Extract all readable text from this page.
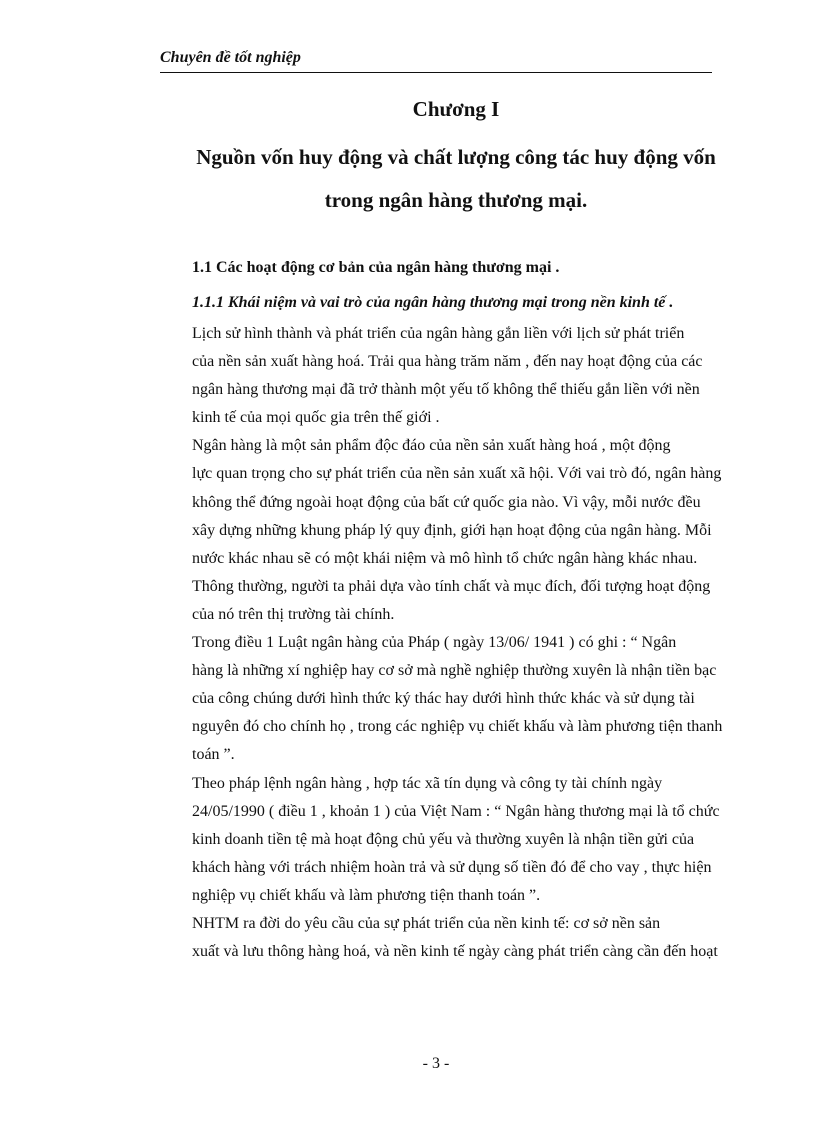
Chuyên đề tốt nghiệp
Chương I
Nguồn vốn huy động và chất lượng công tác huy động vốn
trong ngân hàng thương mại.
1.1 Các hoạt động cơ bản của ngân hàng thương mại .
1.1.1 Khái niệm và vai trò của ngân hàng thương mại trong nền kinh tế .

Lịch sử hình thành và phát triển của ngân hàng gắn liền với lịch sử phát triển
của nền sản xuất hàng hoá. Trải qua hàng trăm năm , đến nay hoạt động của các
ngân hàng thương mại đã trở thành một yếu tố không thể thiếu gắn liền với nền
kinh tế của mọi quốc gia trên thế giới .

Ngân hàng là một sản phẩm độc đáo của nền sản xuất hàng hoá , một động
lực quan trọng cho sự phát triển của nền sản xuất xã hội. Với vai trò đó, ngân hàng
không thể đứng ngoài hoạt động của bất cứ quốc gia nào. Vì vậy, mỗi nước đều
xây dựng những khung pháp lý quy định, giới hạn hoạt động của ngân hàng. Mỗi
nước khác nhau sẽ có một khái niệm và mô hình tổ chức ngân hàng khác nhau.
Thông thường, người ta phải dựa vào tính chất và mục đích, đối tượng hoạt động
của nó trên thị trường tài chính.

Trong điều 1 Luật ngân hàng của Pháp ( ngày 13/06/ 1941 ) có ghi : “ Ngân
hàng là những xí nghiệp hay cơ sở mà nghề nghiệp thường xuyên là nhận tiền bạc
của công chúng dưới hình thức ký thác hay dưới hình thức khác và sử dụng tài
nguyên đó cho chính họ , trong các nghiệp vụ chiết khấu và làm phương tiện thanh
toán ”.

Theo pháp lệnh ngân hàng , hợp tác xã tín dụng và công ty tài chính ngày
24/05/1990 ( điều 1 , khoản 1 ) của Việt Nam : “ Ngân hàng thương mại là tổ chức
kinh doanh tiền tệ mà hoạt động chủ yếu và thường xuyên là nhận tiền gửi của
khách hàng với trách nhiệm hoàn trả và sử dụng số tiền đó để cho vay , thực hiện
nghiệp vụ chiết khấu và làm phương tiện thanh toán ”.

NHTM ra đời do yêu cầu của sự phát triển của nền kinh tế: cơ sở nền sản
xuất và lưu thông hàng hoá, và nền kinh tế ngày càng phát triển càng cần đến hoạt

- 3 -
